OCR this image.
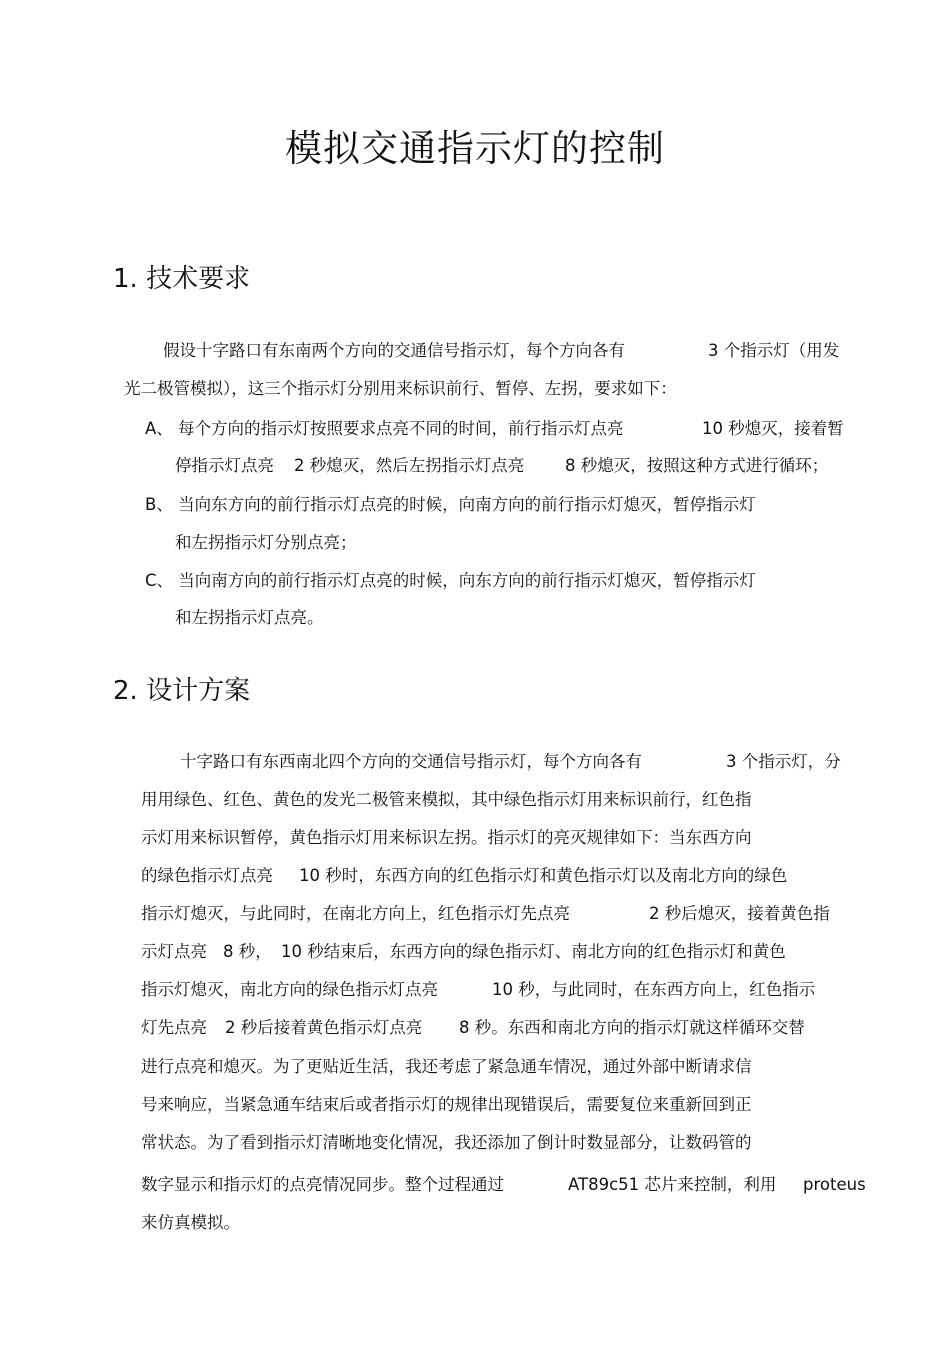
模拟交通指示灯的控制
1. 技术要求
假设十字路口有东南两个方向的交通信号指示灯，每个方向各有	3 个指示灯（用发
光二极管模拟），这三个指示灯分别用来标识前行、暂停、左拐，要求如下：
A、 每个方向的指示灯按照要求点亮不同的时间，前行指示灯点亮	10 秒熄灭，接着暂
停指示灯点亮 2 秒熄灭，然后左拐指示灯点亮 8 秒熄灭，按照这种方式进行循环；
B、 当向东方向的前行指示灯点亮的时候，向南方向的前行指示灯熄灭，暂停指示灯
和左拐指示灯分别点亮；
C、 当向南方向的前行指示灯点亮的时候，向东方向的前行指示灯熄灭，暂停指示灯
和左拐指示灯点亮。
2. 设计方案
十字路口有东西南北四个方向的交通信号指示灯，每个方向各有	3 个指示灯，分
用用绿色、红色、黄色的发光二极管来模拟，其中绿色指示灯用来标识前行，红色指
示灯用来标识暂停，黄色指示灯用来标识左拐。指示灯的亮灭规律如下：当东西方向
的绿色指示灯点亮 10 秒时，东西方向的红色指示灯和黄色指示灯以及南北方向的绿色
指示灯熄灭，与此同时，在南北方向上，红色指示灯先点亮	2 秒后熄灭，接着黄色指
示灯点亮 8 秒， 10 秒结束后，东西方向的绿色指示灯、南北方向的红色指示灯和黄色
指示灯熄灭，南北方向的绿色指示灯点亮	10 秒，与此同时，在东西方向上，红色指示
灯先点亮 2 秒后接着黄色指示灯点亮 8 秒。东西和南北方向的指示灯就这样循环交替
进行点亮和熄灭。为了更贴近生活，我还考虑了紧急通车情况，通过外部中断请求信
号来响应，当紧急通车结束后或者指示灯的规律出现错误后，需要复位来重新回到正
常状态。为了看到指示灯清晰地变化情况，我还添加了倒计时数显部分，让数码管的
数字显示和指示灯的点亮情况同步。整个过程通过	AT89c51 芯片来控制，利用 proteus
来仿真模拟。
